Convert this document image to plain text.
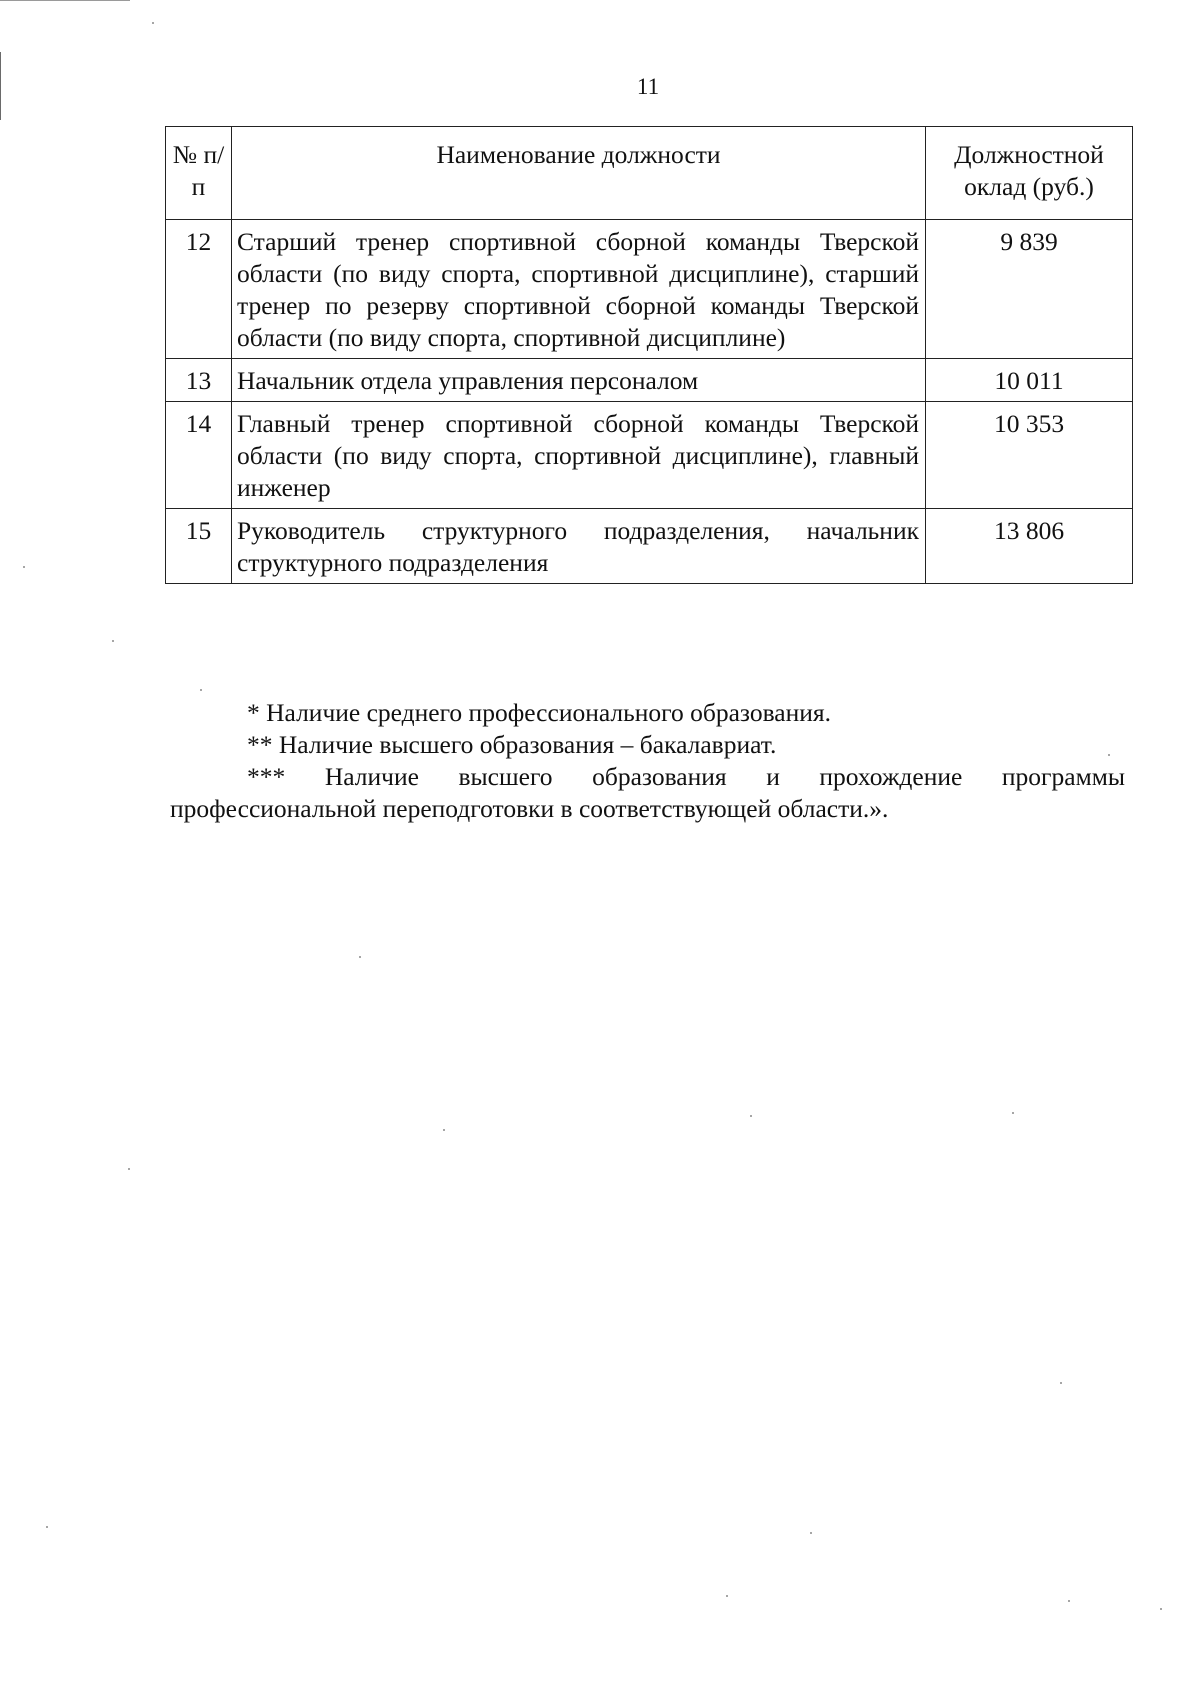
11
№ п/п	Наименование должности	Должностной оклад (руб.)
12	Старший тренер спортивной сборной команды Тверской области (по виду спорта, спортивной дисциплине), старший тренер по резерву спортивной сборной команды Тверской области (по виду спорта, спортивной дисциплине)	9 839
13	Начальник отдела управления персоналом	10 011
14	Главный тренер спортивной сборной команды Тверской области (по виду спорта, спортивной дисциплине), главный инженер	10 353
15	Руководитель структурного подразделения, начальник структурного подразделения	13 806

* Наличие среднего профессионального образования.

** Наличие высшего образования – бакалавриат.

*** Наличие высшего образования и прохождение программы профессиональной переподготовки в соответствующей области.».
